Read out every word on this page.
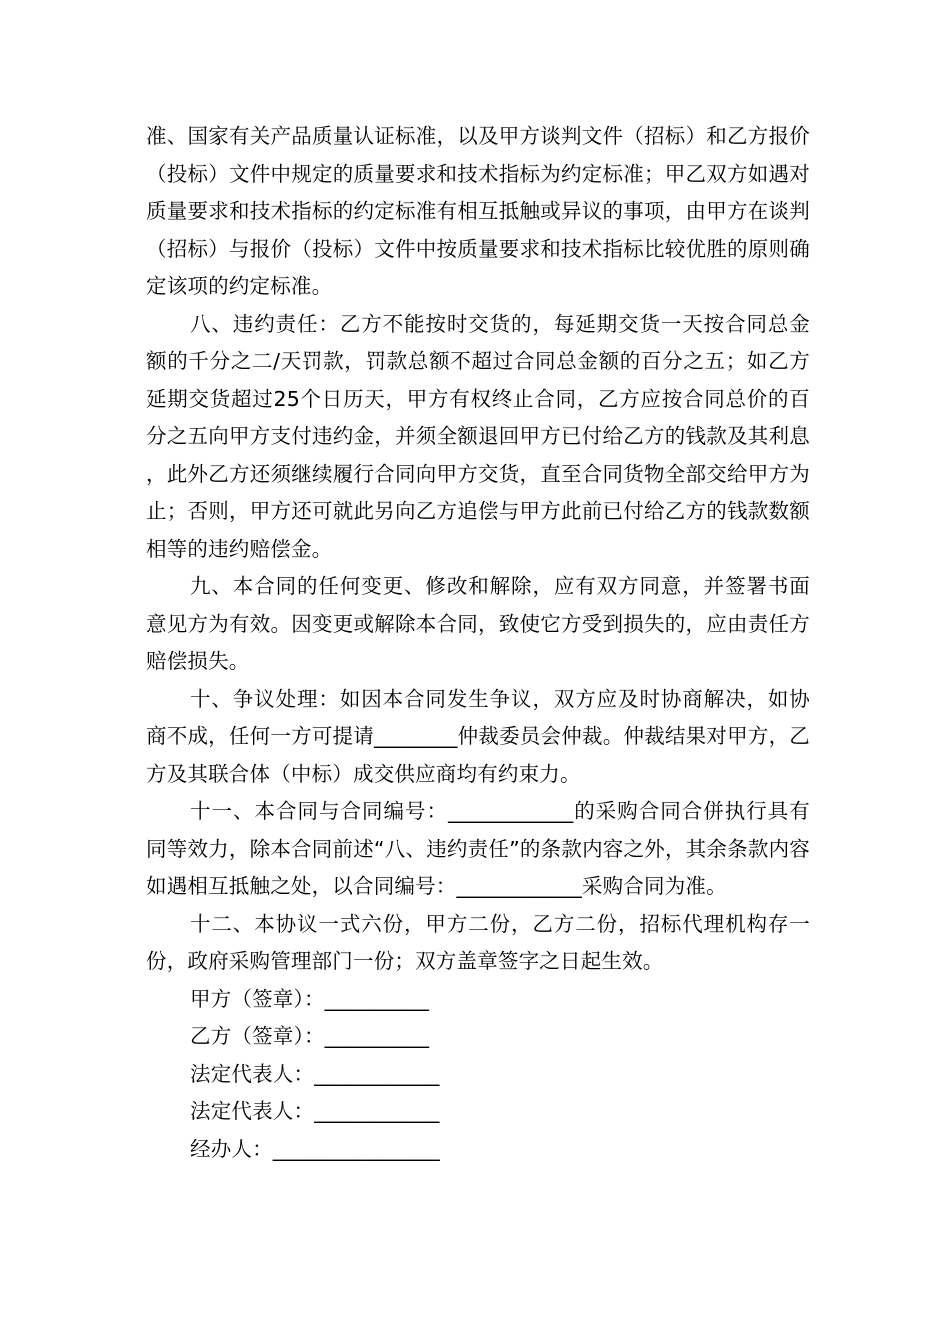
准、国家有关产品质量认证标准，以及甲方谈判文件（招标）和乙方报价（投标）文件中规定的质量要求和技术指标为约定标准；甲乙双方如遇对质量要求和技术指标的约定标准有相互抵触或异议的事项，由甲方在谈判（招标）与报价（投标）文件中按质量要求和技术指标比较优胜的原则确定该项的约定标准。

八、违约责任：乙方不能按时交货的，每延期交货一天按合同总金额的千分之二/天罚款，罚款总额不超过合同总金额的百分之五；如乙方延期交货超过25个日历天，甲方有权终止合同，乙方应按合同总价的百分之五向甲方支付违约金，并须全额退回甲方已付给乙方的钱款及其利息，此外乙方还须继续履行合同向甲方交货，直至合同货物全部交给甲方为止；否则，甲方还可就此另向乙方追偿与甲方此前已付给乙方的钱款数额相等的违约赔偿金。

九、本合同的任何变更、修改和解除，应有双方同意，并签署书面意见方为有效。因变更或解除本合同，致使它方受到损失的，应由责任方赔偿损失。

十、争议处理：如因本合同发生争议，双方应及时协商解决，如协商不成，任何一方可提请________仲裁委员会仲裁。仲裁结果对甲方，乙方及其联合体（中标）成交供应商均有约束力。

十一、本合同与合同编号：____________的采购合同合併执行具有同等效力，除本合同前述“八、违约责任”的条款内容之外，其余条款内容如遇相互抵触之处，以合同编号：____________采购合同为准。

十二、本协议一式六份，甲方二份，乙方二份，招标代理机构存一份，政府采购管理部门一份；双方盖章签字之日起生效。

甲方（签章）：__________

乙方（签章）：__________

法定代表人：____________

法定代表人：____________

经办人：________________
